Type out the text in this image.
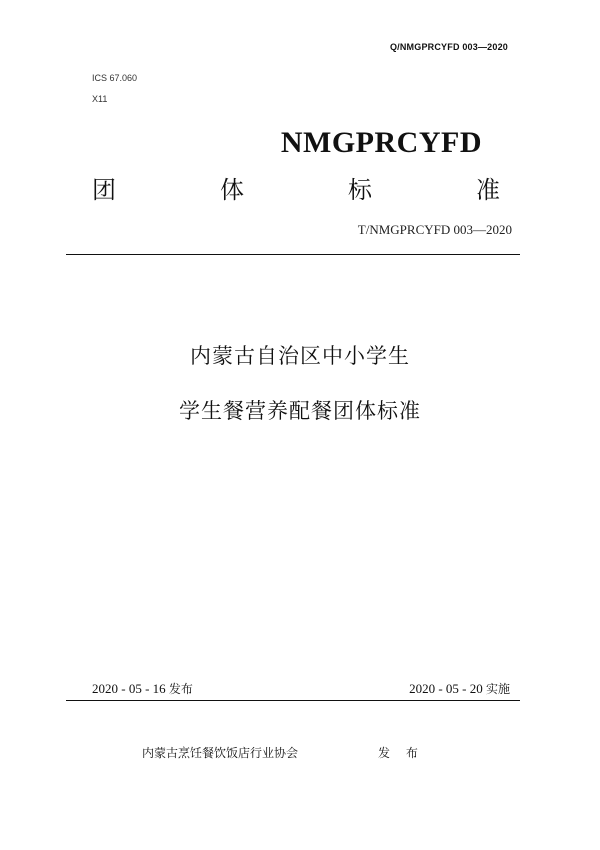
Q/NMGPRCYFD 003—2020
ICS 67.060
X11
NMGPRCYFD
团	体	标	准
T/NMGPRCYFD 003—2020
内蒙古自治区中小学生
学生餐营养配餐团体标准
2020 - 05 - 16 发布	2020 - 05 - 20 实施
内蒙古烹饪餐饮饭店行业协会	发 布
